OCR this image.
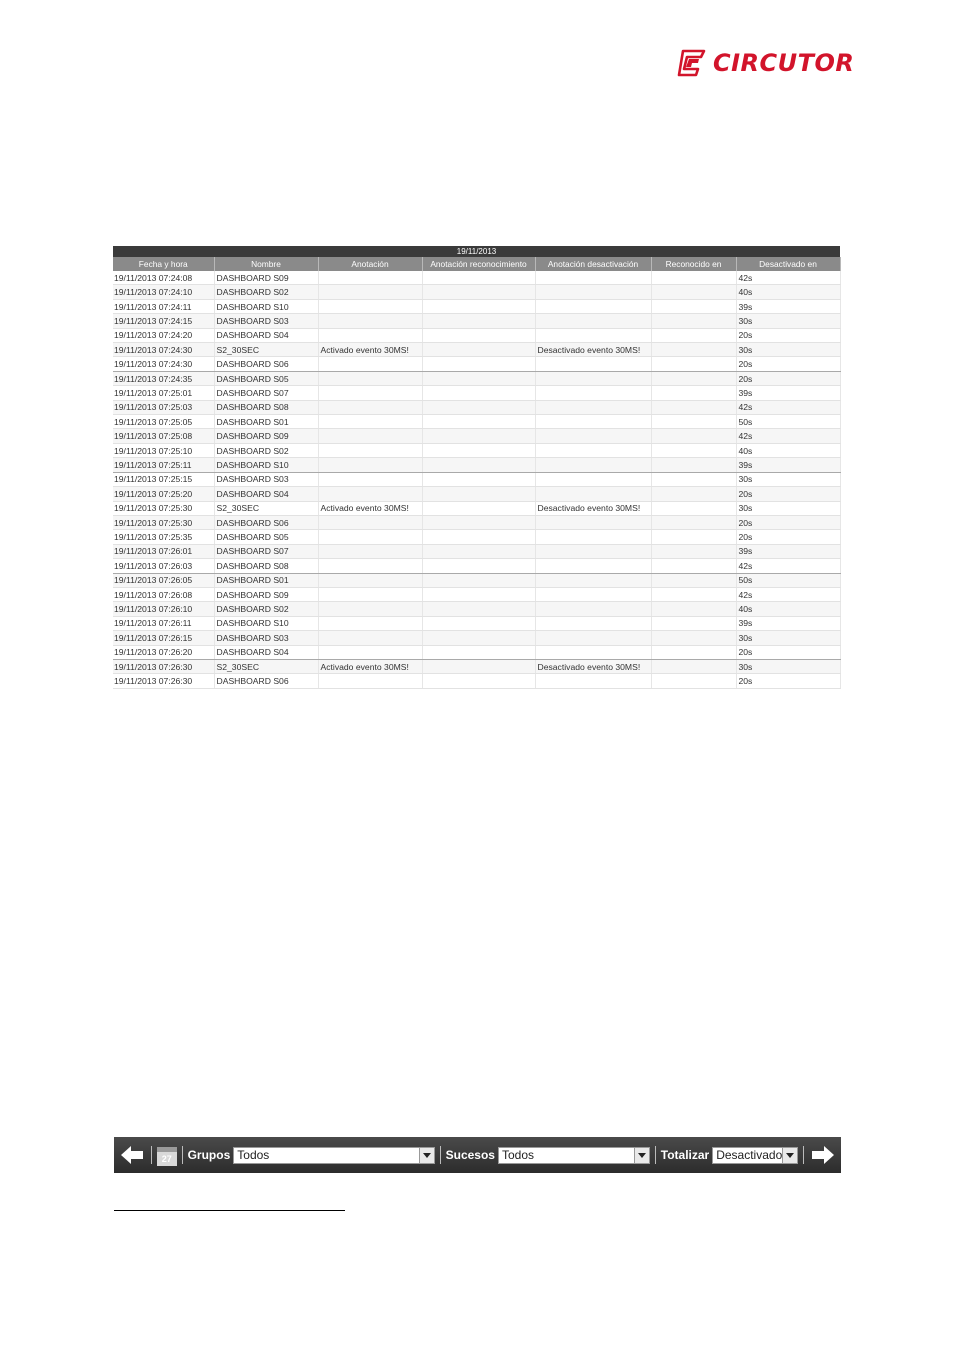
CIRCUTOR
19/11/2013
Fecha y hora	Nombre	Anotación	Anotación reconocimiento	Anotación desactivación	Reconocido en	Desactivado en
19/11/2013 07:24:08	DASHBOARD S09					42s
19/11/2013 07:24:10	DASHBOARD S02					40s
19/11/2013 07:24:11	DASHBOARD S10					39s
19/11/2013 07:24:15	DASHBOARD S03					30s
19/11/2013 07:24:20	DASHBOARD S04					20s
19/11/2013 07:24:30	S2_30SEC	Activado evento 30MS!		Desactivado evento 30MS!		30s
19/11/2013 07:24:30	DASHBOARD S06					20s
19/11/2013 07:24:35	DASHBOARD S05					20s
19/11/2013 07:25:01	DASHBOARD S07					39s
19/11/2013 07:25:03	DASHBOARD S08					42s
19/11/2013 07:25:05	DASHBOARD S01					50s
19/11/2013 07:25:08	DASHBOARD S09					42s
19/11/2013 07:25:10	DASHBOARD S02					40s
19/11/2013 07:25:11	DASHBOARD S10					39s
19/11/2013 07:25:15	DASHBOARD S03					30s
19/11/2013 07:25:20	DASHBOARD S04					20s
19/11/2013 07:25:30	S2_30SEC	Activado evento 30MS!		Desactivado evento 30MS!		30s
19/11/2013 07:25:30	DASHBOARD S06					20s
19/11/2013 07:25:35	DASHBOARD S05					20s
19/11/2013 07:26:01	DASHBOARD S07					39s
19/11/2013 07:26:03	DASHBOARD S08					42s
19/11/2013 07:26:05	DASHBOARD S01					50s
19/11/2013 07:26:08	DASHBOARD S09					42s
19/11/2013 07:26:10	DASHBOARD S02					40s
19/11/2013 07:26:11	DASHBOARD S10					39s
19/11/2013 07:26:15	DASHBOARD S03					30s
19/11/2013 07:26:20	DASHBOARD S04					20s
19/11/2013 07:26:30	S2_30SEC	Activado evento 30MS!		Desactivado evento 30MS!		30s
19/11/2013 07:26:30	DASHBOARD S06					20s
27	Grupos Todos	Sucesos Todos	Totalizar Desactivado
